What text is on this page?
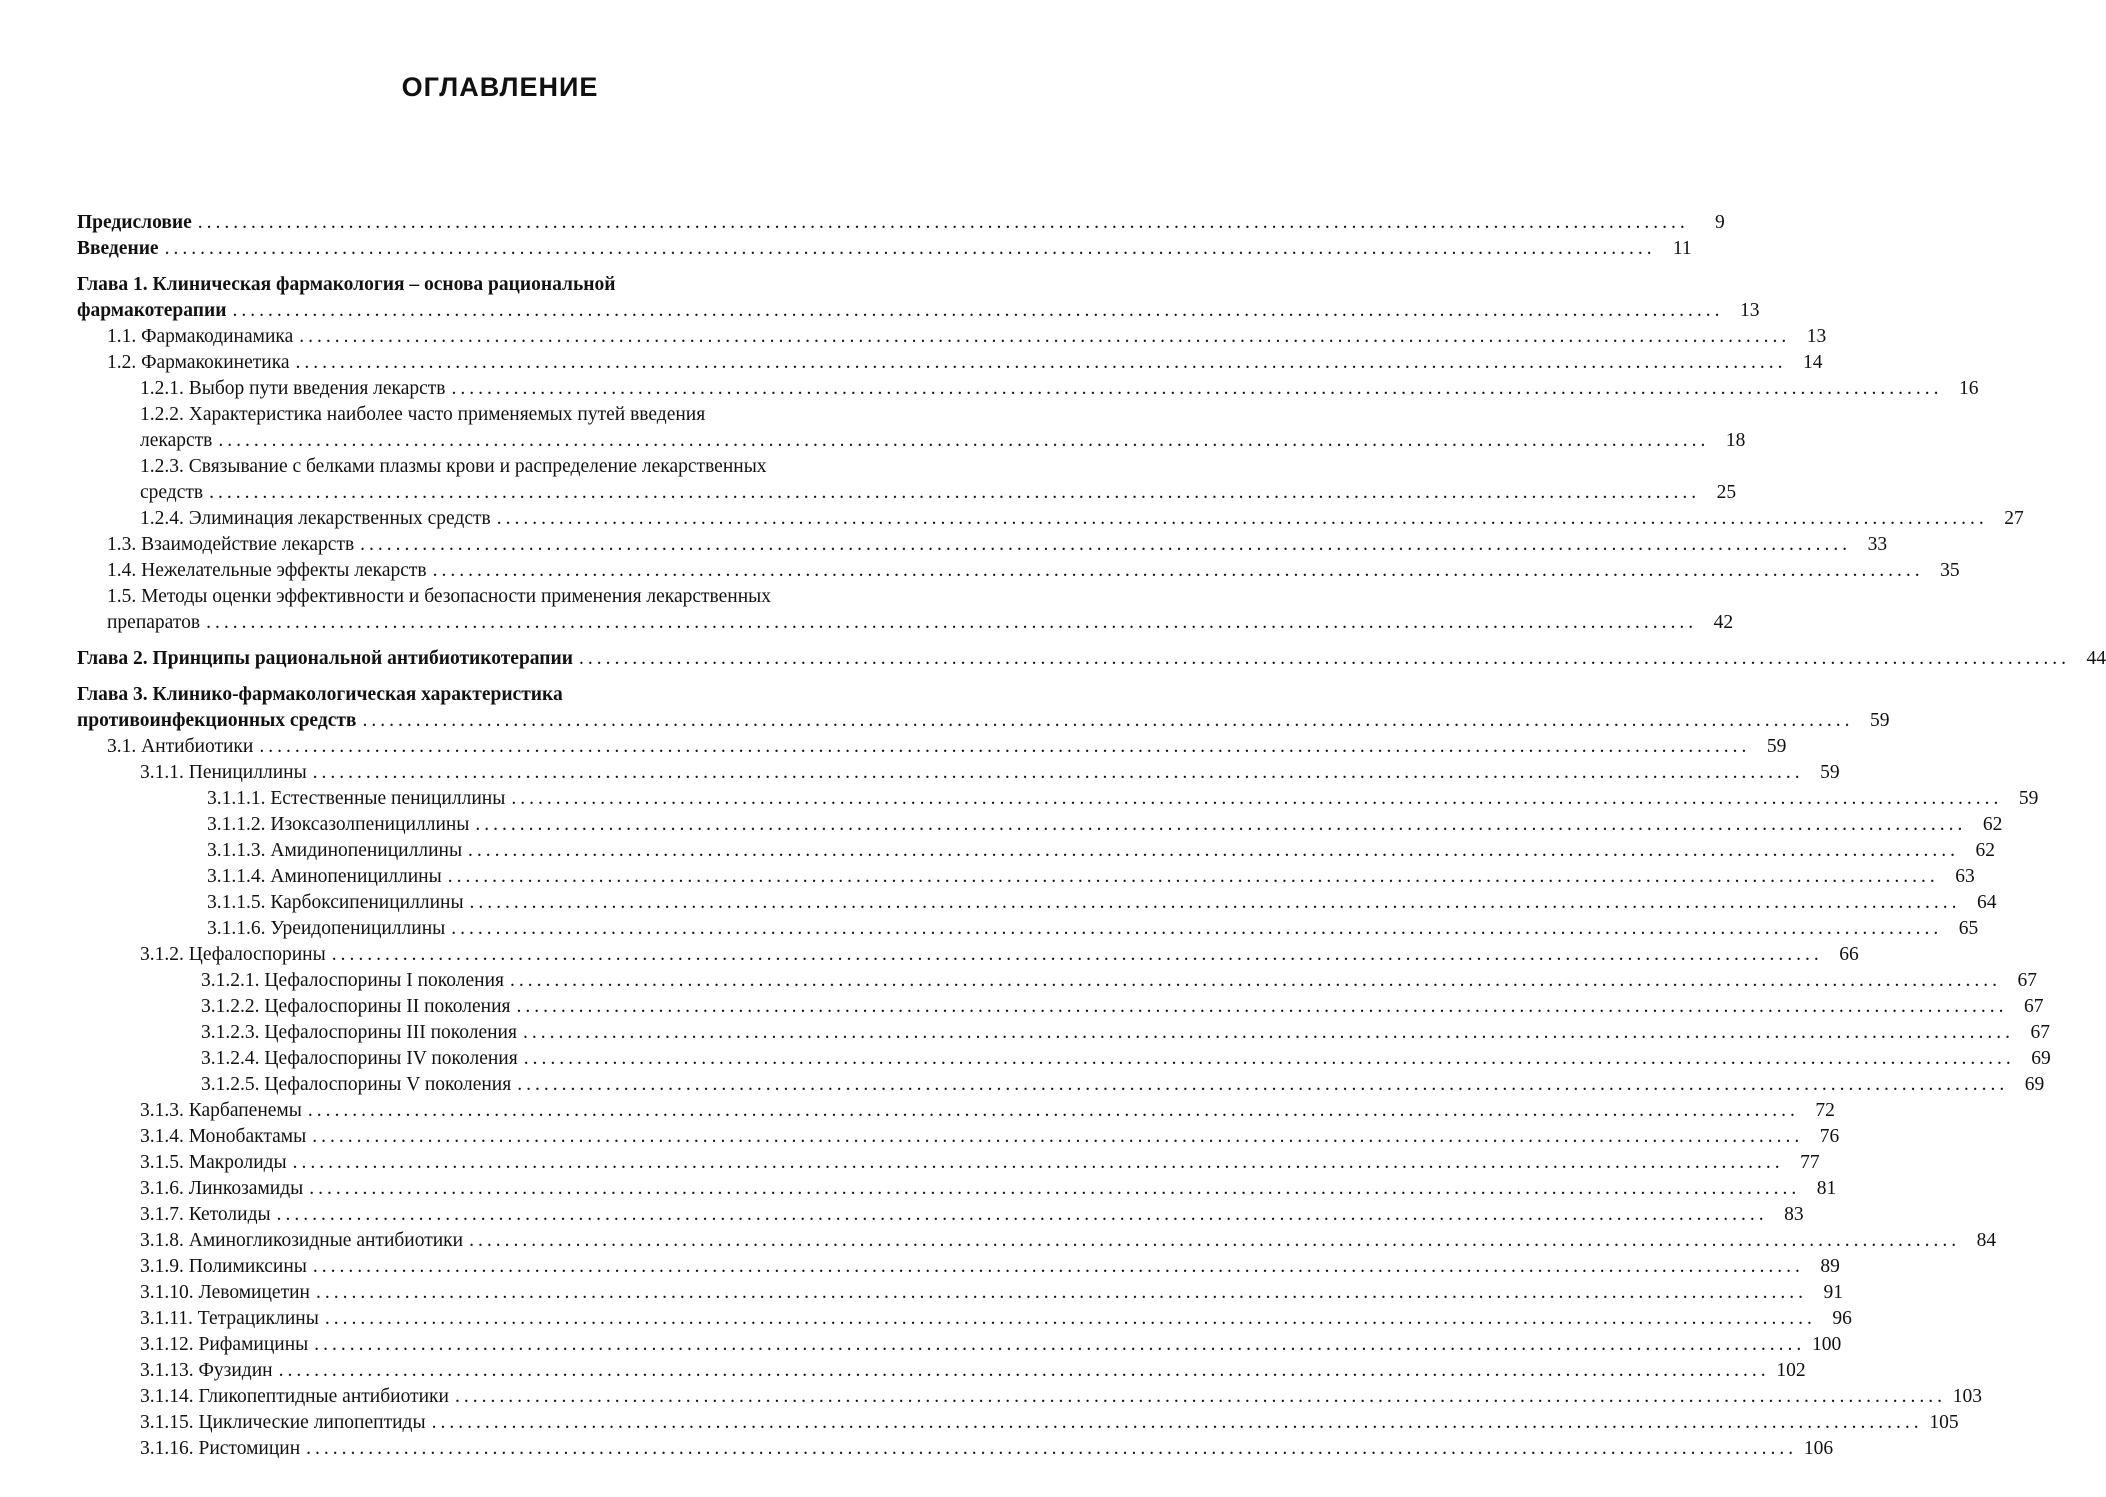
ОГЛАВЛЕНИЕ
Предисловие ........................................................................................................................................................................	9
Введение ........................................................................................................................................................................ 11
Глава 1. Клиническая фармакология – основа рациональной
фармакотерапии ........................................................................................................................................................................ 13
1.1. Фармакодинамика ........................................................................................................................................................................ 13
1.2. Фармакокинетика ........................................................................................................................................................................ 14
1.2.1. Выбор пути введения лекарств ........................................................................................................................................................................ 16
1.2.2. Характеристика наиболее часто применяемых путей введения
лекарств ........................................................................................................................................................................ 18
1.2.3. Связывание с белками плазмы крови и распределение лекарственных
средств ........................................................................................................................................................................ 25
1.2.4. Элиминация лекарственных средств ........................................................................................................................................................................ 27
1.3. Взаимодействие лекарств ........................................................................................................................................................................ 33
1.4. Нежелательные эффекты лекарств ........................................................................................................................................................................ 35
1.5. Методы оценки эффективности и безопасности применения лекарственных
препаратов ........................................................................................................................................................................ 42
Глава 2. Принципы рациональной антибиотикотерапии ........................................................................................................................................................................ 44
Глава 3. Клинико-фармакологическая характеристика
противоинфекционных средств ........................................................................................................................................................................ 59
3.1. Антибиотики ........................................................................................................................................................................ 59
3.1.1. Пенициллины ........................................................................................................................................................................ 59
3.1.1.1. Естественные пенициллины ........................................................................................................................................................................ 59
3.1.1.2. Изоксазолпенициллины ........................................................................................................................................................................ 62
3.1.1.3. Амидинопенициллины ........................................................................................................................................................................ 62
3.1.1.4. Аминопенициллины ........................................................................................................................................................................ 63
3.1.1.5. Карбоксипенициллины ........................................................................................................................................................................ 64
3.1.1.6. Уреидопенициллины ........................................................................................................................................................................ 65
3.1.2. Цефалоспорины ........................................................................................................................................................................ 66
3.1.2.1. Цефалоспорины I поколения ........................................................................................................................................................................ 67
3.1.2.2. Цефалоспорины II поколения ........................................................................................................................................................................ 67
3.1.2.3. Цефалоспорины III поколения ........................................................................................................................................................................ 67
3.1.2.4. Цефалоспорины IV поколения ........................................................................................................................................................................ 69
3.1.2.5. Цефалоспорины V поколения ........................................................................................................................................................................ 69
3.1.3. Карбапенемы ........................................................................................................................................................................ 72
3.1.4. Монобактамы ........................................................................................................................................................................ 76
3.1.5. Макролиды ........................................................................................................................................................................ 77
3.1.6. Линкозамиды ........................................................................................................................................................................ 81
3.1.7. Кетолиды ........................................................................................................................................................................ 83
3.1.8. Аминогликозидные антибиотики ........................................................................................................................................................................ 84
3.1.9. Полимиксины ........................................................................................................................................................................ 89
3.1.10. Левомицетин ........................................................................................................................................................................ 91
3.1.11. Тетрациклины ........................................................................................................................................................................ 96
3.1.12. Рифамицины ........................................................................................................................................................................ 100
3.1.13. Фузидин ........................................................................................................................................................................ 102
3.1.14. Гликопептидные антибиотики ........................................................................................................................................................................ 103
3.1.15. Циклические липопептиды ........................................................................................................................................................................ 105
3.1.16. Ристомицин ........................................................................................................................................................................ 106
